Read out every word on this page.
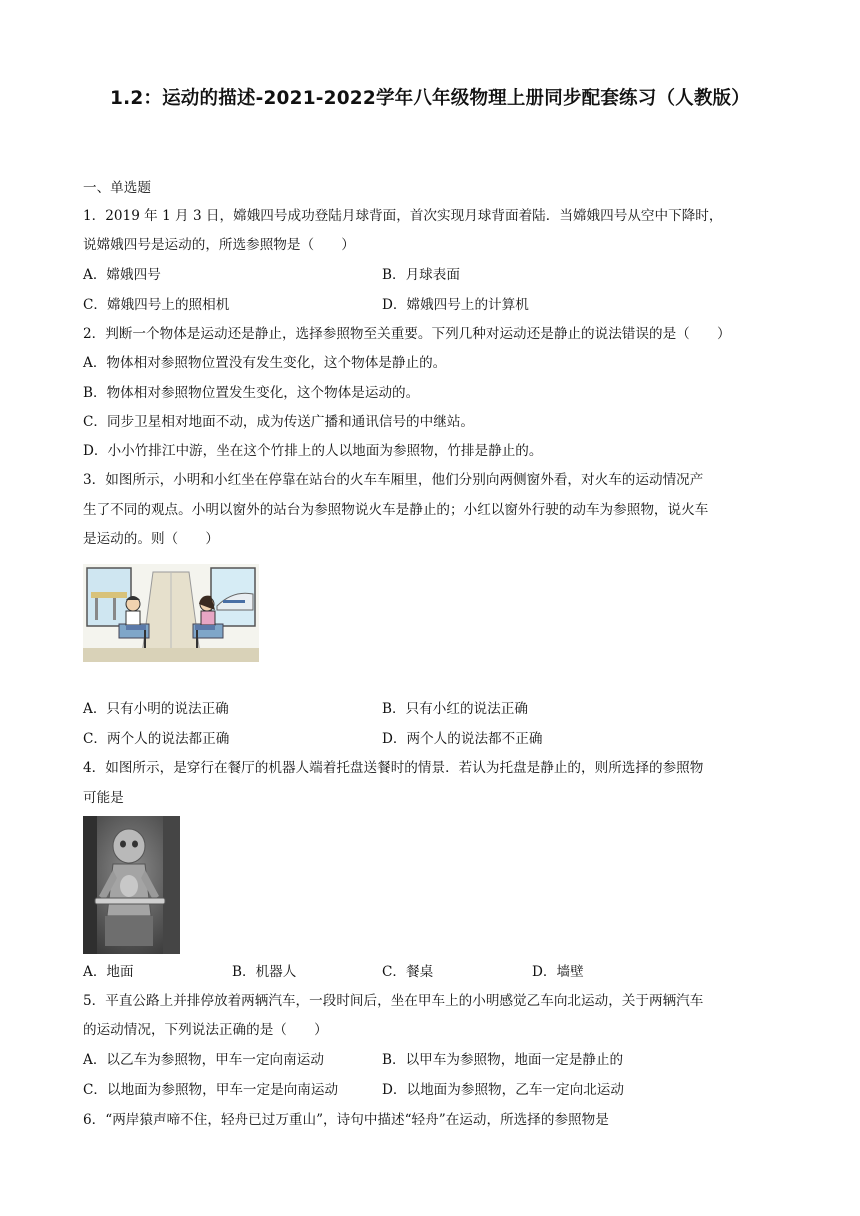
1.2：运动的描述-2021-2022学年八年级物理上册同步配套练习（人教版）
一、单选题
1．2019 年 1 月 3 日，嫦娥四号成功登陆月球背面，首次实现月球背面着陆．当嫦娥四号从空中下降时，
说嫦娥四号是运动的，所选参照物是（　　）
A．嫦娥四号	B．月球表面
C．嫦娥四号上的照相机	D．嫦娥四号上的计算机
2．判断一个物体是运动还是静止，选择参照物至关重要。下列几种对运动还是静止的说法错误的是（　　）
A．物体相对参照物位置没有发生变化，这个物体是静止的。
B．物体相对参照物位置发生变化，这个物体是运动的。
C．同步卫星相对地面不动，成为传送广播和通讯信号的中继站。
D．小小竹排江中游，坐在这个竹排上的人以地面为参照物，竹排是静止的。
3．如图所示，小明和小红坐在停靠在站台的火车车厢里，他们分别向两侧窗外看，对火车的运动情况产
生了不同的观点。小明以窗外的站台为参照物说火车是静止的；小红以窗外行驶的动车为参照物，说火车
是运动的。则（　　）
A．只有小明的说法正确	B．只有小红的说法正确
C．两个人的说法都正确	D．两个人的说法都不正确
4．如图所示，是穿行在餐厅的机器人端着托盘送餐时的情景．若认为托盘是静止的，则所选择的参照物
可能是
A．地面	B．机器人	C．餐桌	D．墙壁
5．平直公路上并排停放着两辆汽车，一段时间后，坐在甲车上的小明感觉乙车向北运动，关于两辆汽车
的运动情况，下列说法正确的是（　　）
A．以乙车为参照物，甲车一定向南运动	B．以甲车为参照物，地面一定是静止的
C．以地面为参照物，甲车一定是向南运动	D．以地面为参照物，乙车一定向北运动
6．“两岸猿声啼不住，轻舟已过万重山”，诗句中描述“轻舟”在运动，所选择的参照物是
